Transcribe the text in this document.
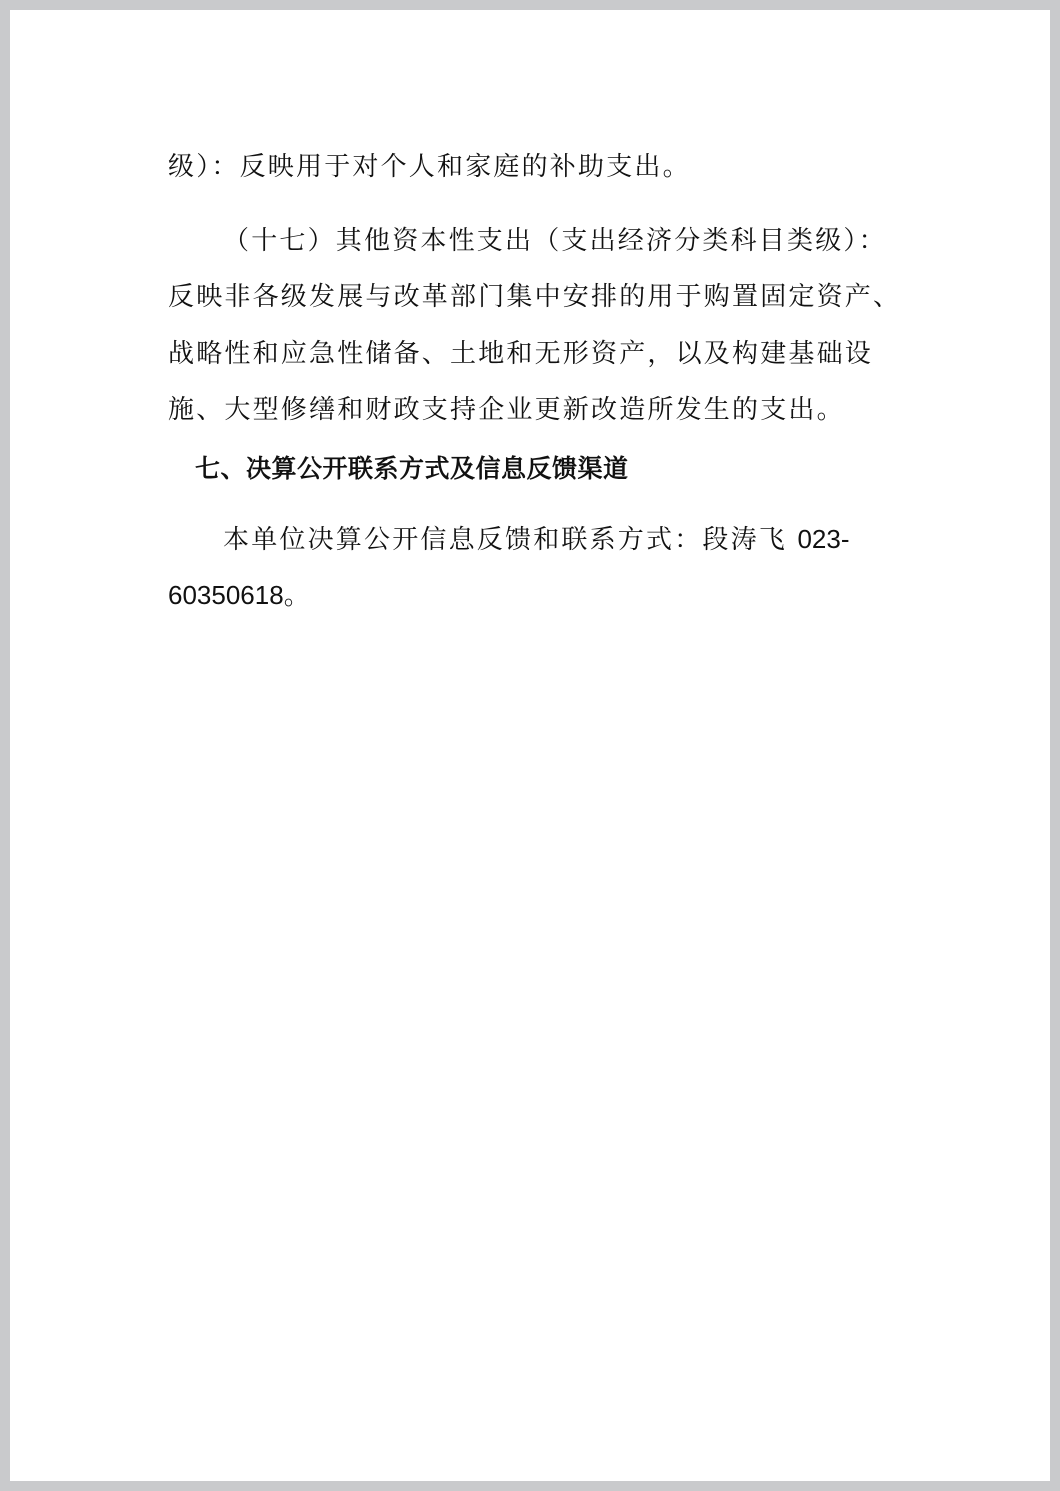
级）：反映用于对个人和家庭的补助支出。
（十七）其他资本性支出（支出经济分类科目类级）：
反映非各级发展与改革部门集中安排的用于购置固定资产、
战略性和应急性储备、土地和无形资产，以及构建基础设
施、大型修缮和财政支持企业更新改造所发生的支出。
七、决算公开联系方式及信息反馈渠道
本单位决算公开信息反馈和联系方式：段涛飞 023-
60350618。
